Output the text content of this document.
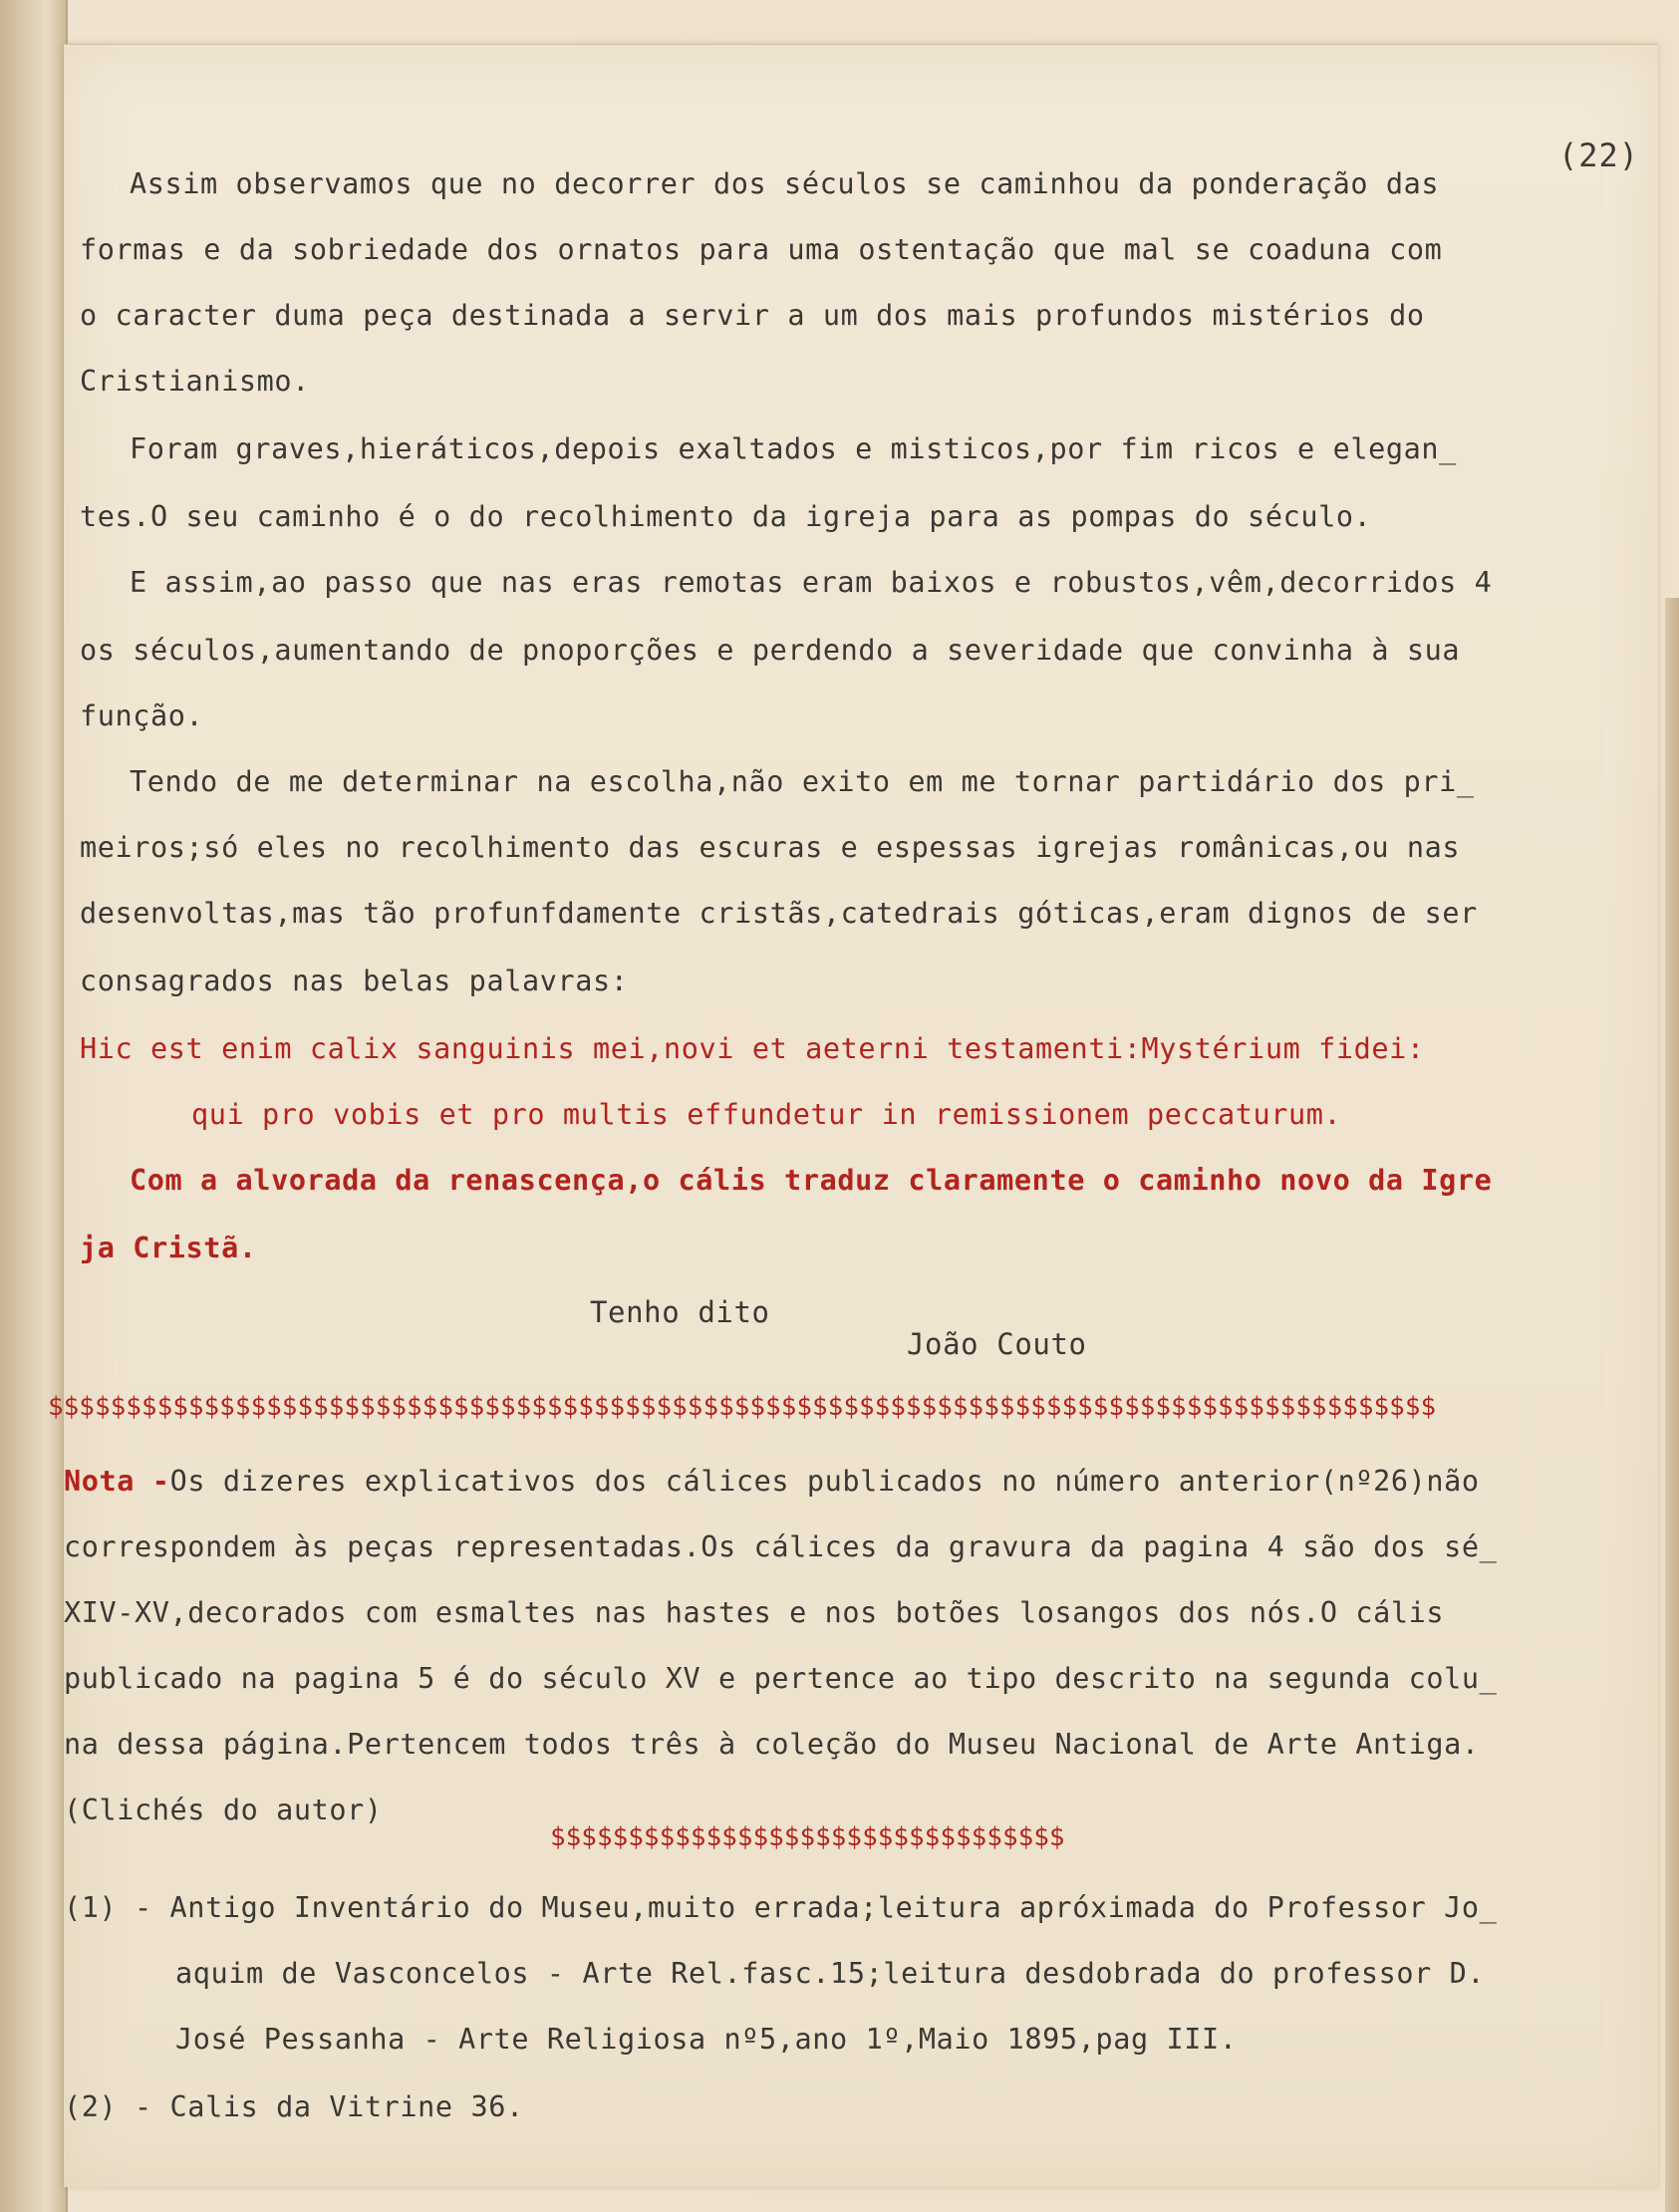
(22)
Assim observamos que no decorrer dos séculos se caminhou da ponderação das
formas e da sobriedade dos ornatos para uma ostentação que mal se coaduna com
o caracter duma peça destinada a servir a um dos mais profundos mistérios do
Cristianismo.
Foram graves,hieráticos,depois exaltados e misticos,por fim ricos e elegan_
tes.O seu caminho é o do recolhimento da igreja para as pompas do século.
E assim,ao passo que nas eras remotas eram baixos e robustos,vêm,decorridos 4
os séculos,aumentando de pnoporções e perdendo a severidade que convinha à sua
função.
Tendo de me determinar na escolha,não exito em me tornar partidário dos pri_
meiros;só eles no recolhimento das escuras e espessas igrejas românicas,ou nas
desenvoltas,mas tão profunfdamente cristãs,catedrais góticas,eram dignos de ser
consagrados nas belas palavras:
Hic est enim calix sanguinis mei,novi et aeterni testamenti:Mystérium fidei:
qui pro vobis et pro multis effundetur in remissionem peccaturum.
Com a alvorada da renascença,o cális traduz claramente o caminho novo da Igre
ja Cristã.
Tenho dito
João Couto
$$$$$$$$$$$$$$$$$$$$$$$$$$$$$$$$$$$$$$$$$$$$$$$$$$$$$$$$$$$$$$$$$$$$$$$$$$$$$$$$$$$$$$$$$
Nota -Os dizeres explicativos dos cálices publicados no número anterior(nº26)não
correspondem às peças representadas.Os cálices da gravura da pagina 4 são dos sé_
XIV-XV,decorados com esmaltes nas hastes e nos botões losangos dos nós.O cális
publicado na pagina 5 é do século XV e pertence ao tipo descrito na segunda colu_
na dessa página.Pertencem todos três à coleção do Museu Nacional de Arte Antiga.
(Clichés do autor)
$$$$$$$$$$$$$$$$$$$$$$$$$$$$$$$$$
(1) - Antigo Inventário do Museu,muito errada;leitura apróximada do Professor Jo_
aquim de Vasconcelos - Arte Rel.fasc.15;leitura desdobrada do professor D.
José Pessanha - Arte Religiosa nº5,ano 1º,Maio 1895,pag III.
(2) - Calis da Vitrine 36.
